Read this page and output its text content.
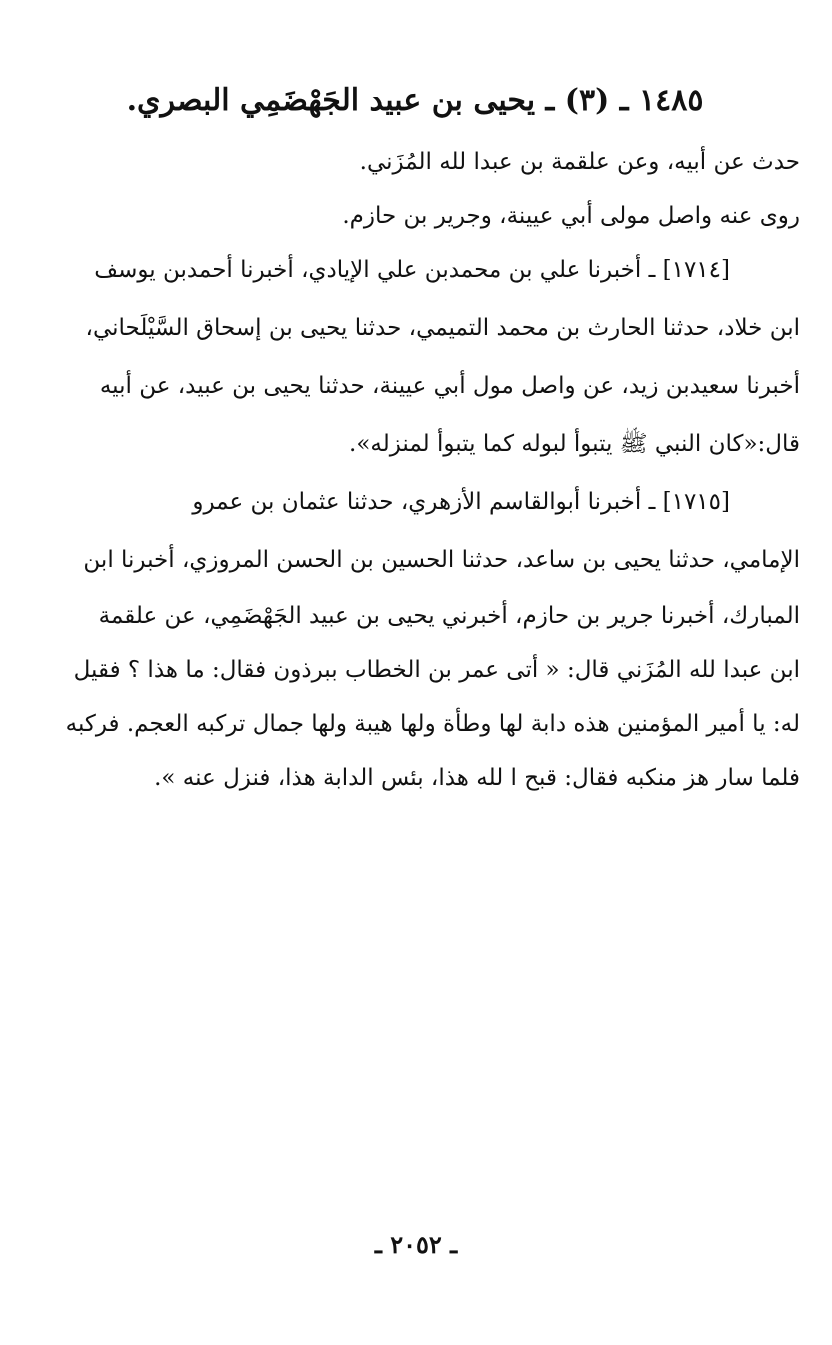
١٤٨٥ ـ (٣) ـ يحيى بن عبيد الجَهْضَمِي البصري.
حدث عن أبيه، وعن علقمة بن عبدا لله المُزَني.
روى عنه واصل مولى أبي عيينة، وجرير بن حازم.
[١٧١٤] ـ أخبرنا علي بن محمدبن علي الإيادي، أخبرنا أحمدبن يوسف
ابن خلاد، حدثنا الحارث بن محمد التميمي، حدثنا يحيى بن إسحاق السَّيْلَحاني،
أخبرنا سعيدبن زيد، عن واصل مول أبي عيينة، حدثنا يحيى بن عبيد، عن أبيه
قال:«كان النبي ﷺ يتبوأ لبوله كما يتبوأ لمنزله».
[١٧١٥] ـ أخبرنا أبوالقاسم الأزهري، حدثنا عثمان بن عمرو
الإمامي، حدثنا يحيى بن ساعد، حدثنا الحسين بن الحسن المروزي، أخبرنا ابن
المبارك، أخبرنا جرير بن حازم، أخبرني يحيى بن عبيد الجَهْضَمِي، عن علقمة
ابن عبدا لله المُزَني قال: « أتى عمر بن الخطاب ببرذون فقال: ما هذا ؟ فقيل
له: يا أمير المؤمنين هذه دابة لها وطأة ولها هيبة ولها جمال تركبه العجم. فركبه
فلما سار هز منكبه فقال: قبح ا لله هذا، بئس الدابة هذا، فنزل عنه ».
ـ ٢٠٥٢ ـ
